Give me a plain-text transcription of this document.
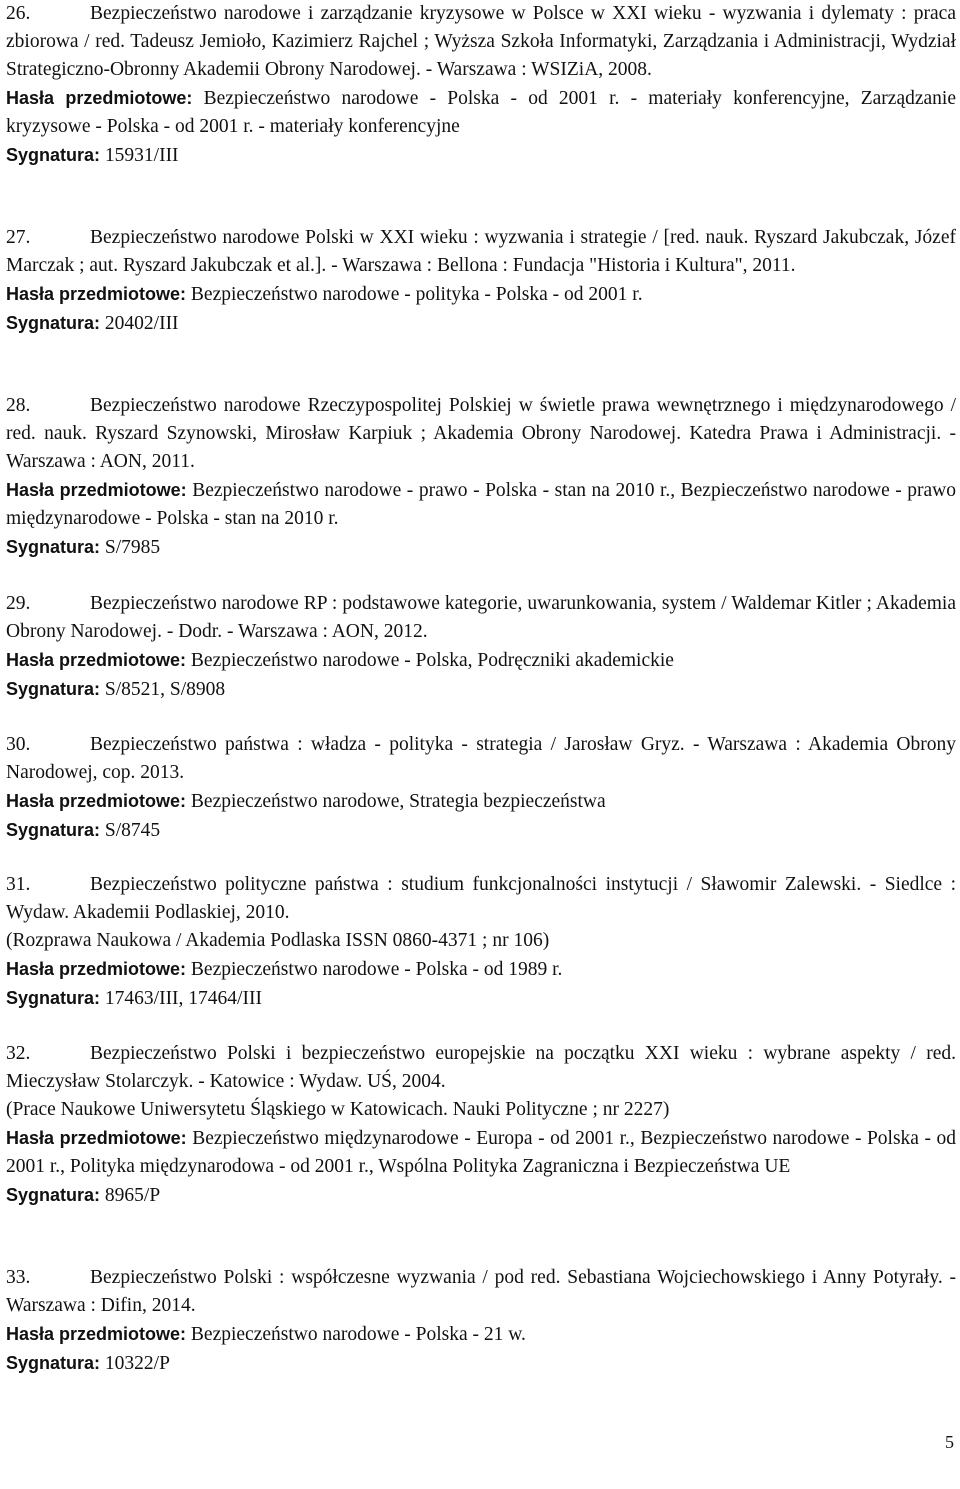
26.	Bezpieczeństwo narodowe i zarządzanie kryzysowe w Polsce w XXI wieku - wyzwania i dylematy : praca zbiorowa / red. Tadeusz Jemioło, Kazimierz Rajchel ; Wyższa Szkoła Informatyki, Zarządzania i Administracji, Wydział Strategiczno-Obronny Akademii Obrony Narodowej. - Warszawa : WSIZiA, 2008.

Hasła przedmiotowe: Bezpieczeństwo narodowe - Polska - od 2001 r. - materiały konferencyjne, Zarządzanie kryzysowe - Polska - od 2001 r. - materiały konferencyjne

Sygnatura: 15931/III

27.	Bezpieczeństwo narodowe Polski w XXI wieku : wyzwania i strategie / [red. nauk. Ryszard Jakubczak, Józef Marczak ; aut. Ryszard Jakubczak et al.]. - Warszawa : Bellona : Fundacja "Historia i Kultura", 2011.

Hasła przedmiotowe: Bezpieczeństwo narodowe - polityka - Polska - od 2001 r.

Sygnatura: 20402/III

28.	Bezpieczeństwo narodowe Rzeczypospolitej Polskiej w świetle prawa wewnętrznego i międzynarodowego / red. nauk. Ryszard Szynowski, Mirosław Karpiuk ; Akademia Obrony Narodowej. Katedra Prawa i Administracji. - Warszawa : AON, 2011.

Hasła przedmiotowe: Bezpieczeństwo narodowe - prawo - Polska - stan na 2010 r., Bezpieczeństwo narodowe - prawo międzynarodowe - Polska - stan na 2010 r.

Sygnatura: S/7985

29.	Bezpieczeństwo narodowe RP : podstawowe kategorie, uwarunkowania, system / Waldemar Kitler ; Akademia Obrony Narodowej. - Dodr. - Warszawa : AON, 2012.

Hasła przedmiotowe: Bezpieczeństwo narodowe - Polska, Podręczniki akademickie

Sygnatura: S/8521, S/8908

30.	Bezpieczeństwo państwa : władza - polityka - strategia / Jarosław Gryz. - Warszawa : Akademia Obrony Narodowej, cop. 2013.

Hasła przedmiotowe: Bezpieczeństwo narodowe, Strategia bezpieczeństwa

Sygnatura: S/8745

31.	Bezpieczeństwo polityczne państwa : studium funkcjonalności instytucji / Sławomir Zalewski. - Siedlce : Wydaw. Akademii Podlaskiej, 2010.

(Rozprawa Naukowa / Akademia Podlaska ISSN 0860-4371 ; nr 106)

Hasła przedmiotowe: Bezpieczeństwo narodowe - Polska - od 1989 r.

Sygnatura: 17463/III, 17464/III

32.	Bezpieczeństwo Polski i bezpieczeństwo europejskie na początku XXI wieku : wybrane aspekty / red. Mieczysław Stolarczyk. - Katowice : Wydaw. UŚ, 2004.

(Prace Naukowe Uniwersytetu Śląskiego w Katowicach. Nauki Polityczne ; nr 2227)

Hasła przedmiotowe: Bezpieczeństwo międzynarodowe - Europa - od 2001 r., Bezpieczeństwo narodowe - Polska - od 2001 r., Polityka międzynarodowa - od 2001 r., Wspólna Polityka Zagraniczna i Bezpieczeństwa UE

Sygnatura: 8965/P

33.	Bezpieczeństwo Polski : współczesne wyzwania / pod red. Sebastiana Wojciechowskiego i Anny Potyrały. - Warszawa : Difin, 2014.

Hasła przedmiotowe: Bezpieczeństwo narodowe - Polska - 21 w.

Sygnatura: 10322/P

5
